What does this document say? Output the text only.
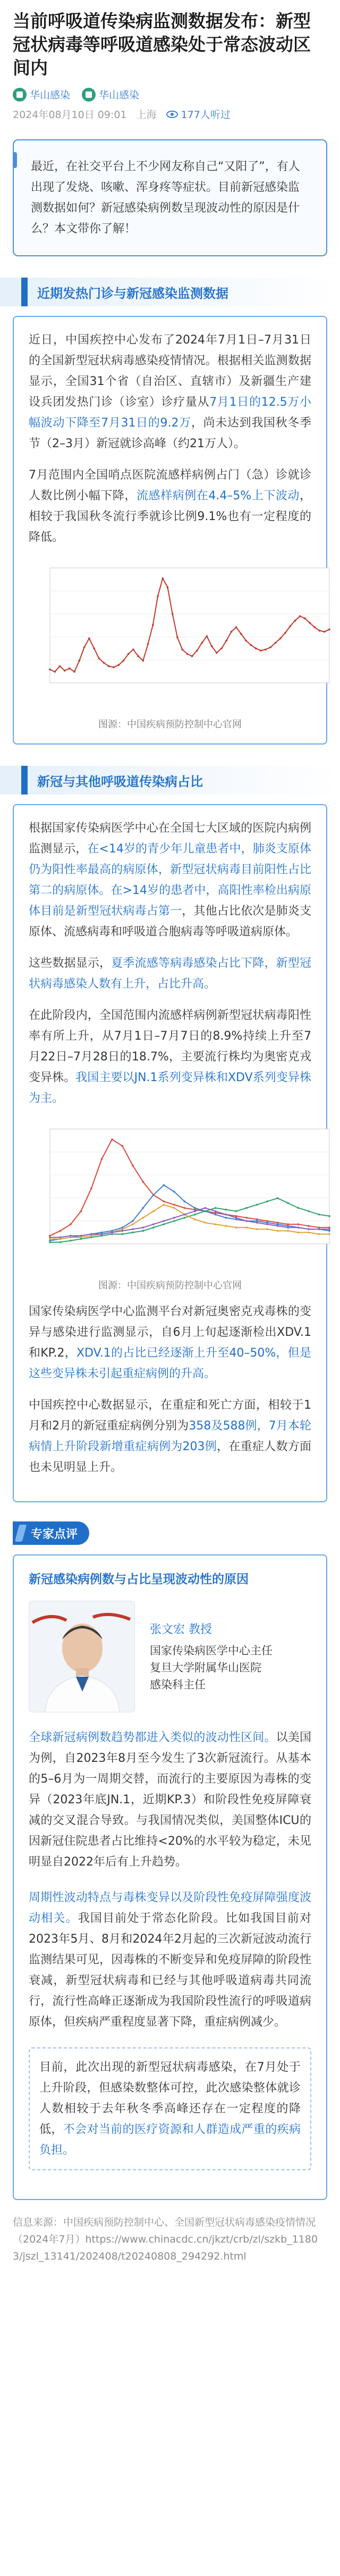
当前呼吸道传染病监测数据发布：新型冠状病毒等呼吸道感染处于常态波动区间内
华山感染	华山感染
2024年08月10日 09:01 上海 177人听过

最近，在社交平台上不少网友称自己“又阳了”，有人出现了发烧、咳嗽、浑身疼等症状。目前新冠感染监测数据如何？新冠感染病例数呈现波动性的原因是什么？本文带你了解！

近期发热门诊与新冠感染监测数据

近日，中国疾控中心发布了2024年7月1日–7月31日的全国新型冠状病毒感染疫情情况。根据相关监测数据显示，全国31个省（自治区、直辖市）及新疆生产建设兵团发热门诊（诊室）诊疗量从7月1日的12.5万小幅波动下降至7月31日的9.2万，尚未达到我国秋冬季节（2–3月）新冠就诊高峰（约21万人）。

7月范围内全国哨点医院流感样病例占门（急）诊就诊人数比例小幅下降，流感样病例在4.4–5%上下波动，相较于我国秋冬流行季就诊比例9.1%也有一定程度的降低。

图源：中国疾病预防控制中心官网
新冠与其他呼吸道传染病占比

根据国家传染病医学中心在全国七大区域的医院内病例监测显示，在<14岁的青少年儿童患者中，肺炎支原体仍为阳性率最高的病原体，新型冠状病毒目前阳性占比第二的病原体。在>14岁的患者中，高阳性率检出病原体目前是新型冠状病毒占第一，其他占比依次是肺炎支原体、流感病毒和呼吸道合胞病毒等呼吸道病原体。

这些数据显示，夏季流感等病毒感染占比下降，新型冠状病毒感染人数有上升，占比升高。

在此阶段内，全国范围内流感样病例新型冠状病毒阳性率有所上升，从7月1日–7月7日的8.9%持续上升至7月22日–7月28日的18.7%，主要流行株均为奥密克戎变异株。我国主要以JN.1系列变异株和XDV系列变异株为主。

图源：中国疾病预防控制中心官网

国家传染病医学中心监测平台对新冠奥密克戎毒株的变异与感染进行监测显示，自6月上旬起逐渐检出XDV.1和KP.2，XDV.1的占比已经逐渐上升至40–50%，但是这些变异株未引起重症病例的升高。

中国疾控中心数据显示，在重症和死亡方面，相较于1月和2月的新冠重症病例分别为358及588例，7月本轮病情上升阶段新增重症病例为203例，在重症人数方面也未见明显上升。

专家点评
新冠感染病例数与占比呈现波动性的原因
张文宏 教授
国家传染病医学中心主任
复旦大学附属华山医院
感染科主任

全球新冠病例数趋势都进入类似的波动性区间。以美国为例，自2023年8月至今发生了3次新冠流行。从基本的5–6月为一周期交替，而流行的主要原因为毒株的变异（2023年底JN.1，近期KP.3）和阶段性免疫屏障衰减的交叉混合导致。与我国情况类似，美国整体ICU的因新冠住院患者占比维持<20%的水平较为稳定，未见明显自2022年后有上升趋势。

周期性波动特点与毒株变异以及阶段性免疫屏障强度波动相关。我国目前处于常态化阶段。比如我国目前对2023年5月、8月和2024年2月起的三次新冠波动流行监测结果可见，因毒株的不断变异和免疫屏障的阶段性衰减，新型冠状病毒和已经与其他呼吸道病毒共同流行，流行性高峰正逐渐成为我国阶段性流行的呼吸道病原体，但疾病严重程度显著下降，重症病例减少。

目前，此次出现的新型冠状病毒感染，在7月处于上升阶段，但感染数整体可控，此次感染整体就诊人数相较于去年秋冬季高峰还存在一定程度的降低，不会对当前的医疗资源和人群造成严重的疾病负担。

信息来源：中国疾病预防控制中心、全国新型冠状病毒感染疫情情况（2024年7月）https://www.chinacdc.cn/jkzt/crb/zl/szkb_11803/jszl_13141/202408/t20240808_294292.html
